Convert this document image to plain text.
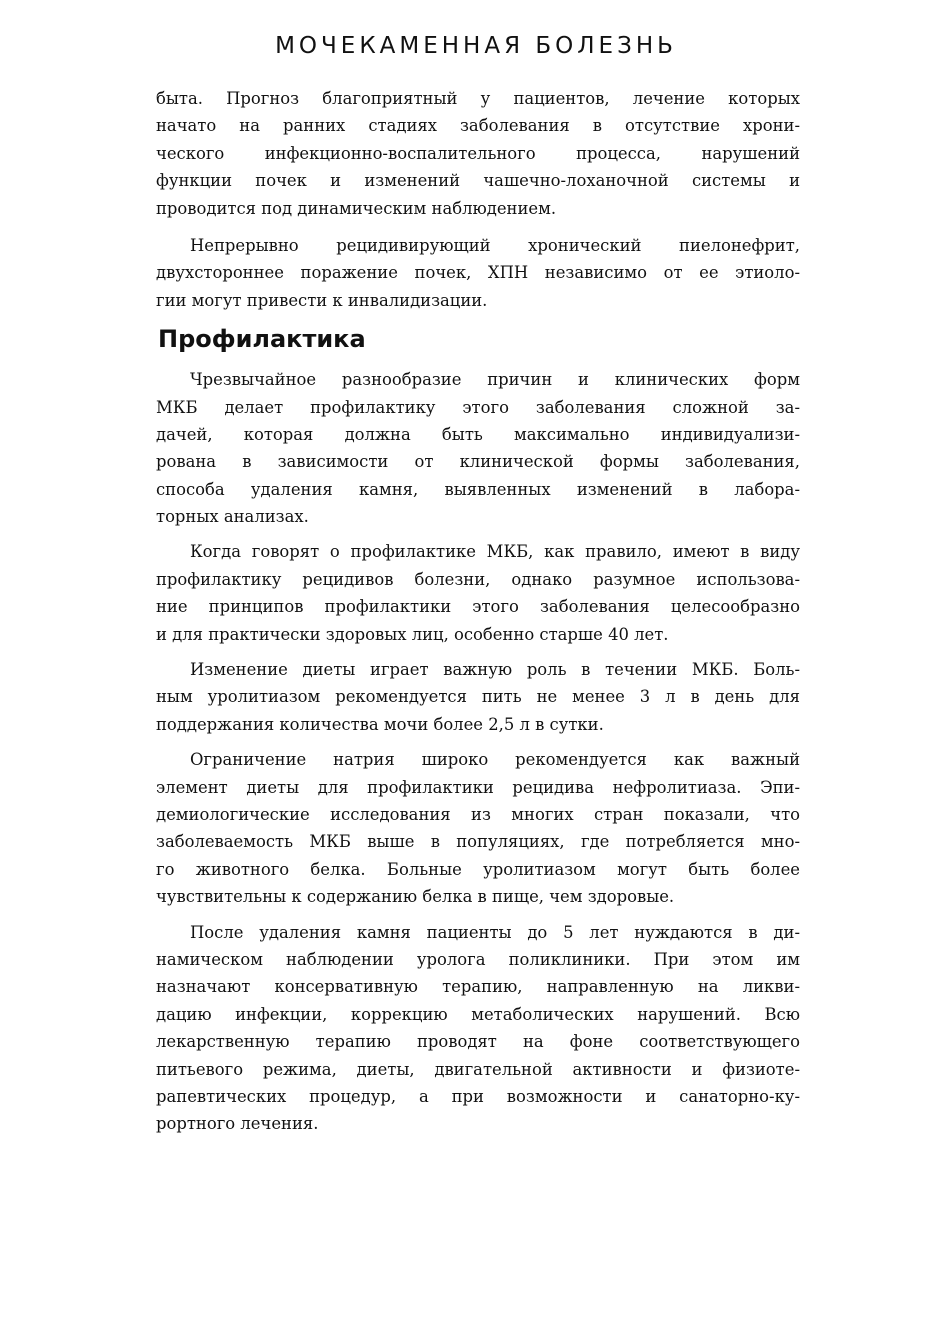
МОЧЕКАМЕННАЯ БОЛЕЗНЬ
быта. Прогноз благоприятный у пациентов, лечение которых
начато на ранних стадиях заболевания в отсутствие хрони-
ческого инфекционно-воспалительного процесса, нарушений
функции почек и изменений чашечно-лоханочной системы и
проводится под динамическим наблюдением.
Непрерывно рецидивирующий хронический пиелонефрит,
двухстороннее поражение почек, ХПН независимо от ее этиоло-
гии могут привести к инвалидизации.
Профилактика
Чрезвычайное разнообразие причин и клинических форм
МКБ делает профилактику этого заболевания сложной за-
дачей, которая должна быть максимально индивидуализи-
рована в зависимости от клинической формы заболевания,
способа удаления камня, выявленных изменений в лабора-
торных анализах.
Когда говорят о профилактике МКБ, как правило, имеют в виду
профилактику рецидивов болезни, однако разумное использова-
ние принципов профилактики этого заболевания целесообразно
и для практически здоровых лиц, особенно старше 40 лет.
Изменение диеты играет важную роль в течении МКБ. Боль-
ным уролитиазом рекомендуется пить не менее 3 л в день для
поддержания количества мочи более 2,5 л в сутки.
Ограничение натрия широко рекомендуется как важный
элемент диеты для профилактики рецидива нефролитиаза. Эпи-
демиологические исследования из многих стран показали, что
заболеваемость МКБ выше в популяциях, где потребляется мно-
го животного белка. Больные уролитиазом могут быть более
чувствительны к содержанию белка в пище, чем здоровые.
После удаления камня пациенты до 5 лет нуждаются в ди-
намическом наблюдении уролога поликлиники. При этом им
назначают консервативную терапию, направленную на ликви-
дацию инфекции, коррекцию метаболических нарушений. Всю
лекарственную терапию проводят на фоне соответствующего
питьевого режима, диеты, двигательной активности и физиоте-
рапевтических процедур, а при возможности и санаторно-ку-
рортного лечения.
